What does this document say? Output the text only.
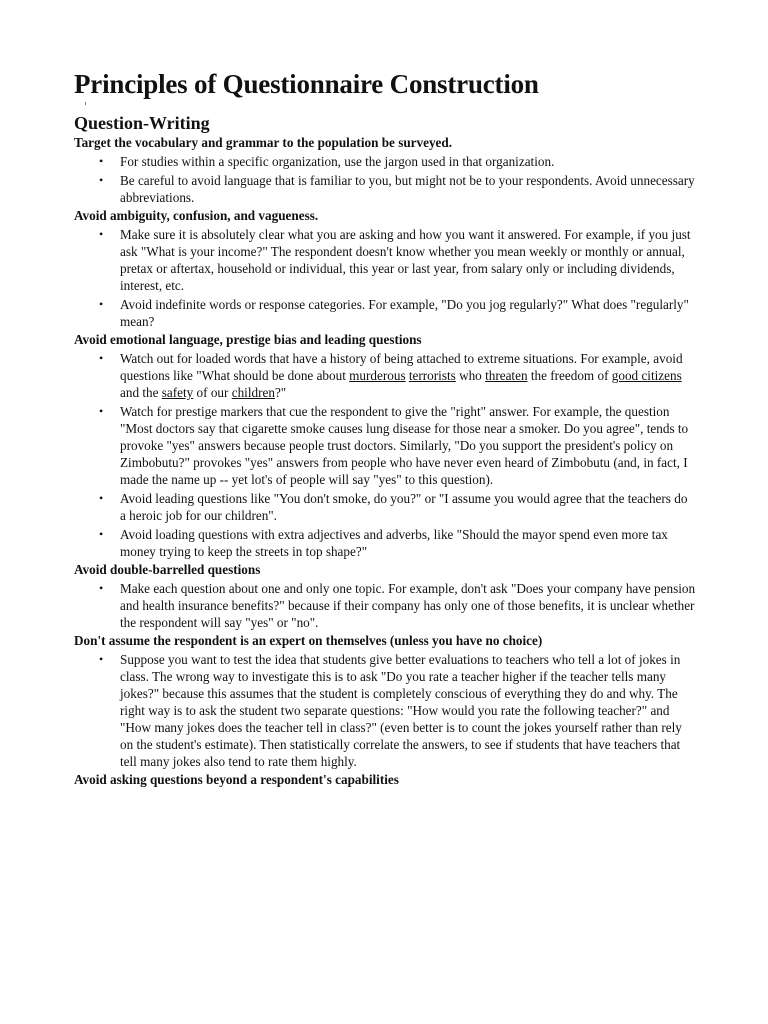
Principles of Questionnaire Construction
Question-Writing

Target the vocabulary and grammar to the population be surveyed.

• For studies within a specific organization, use the jargon used in that organization.
• Be careful to avoid language that is familiar to you, but might not be to your respondents. Avoid unnecessary abbreviations.

Avoid ambiguity, confusion, and vagueness.

• Make sure it is absolutely clear what you are asking and how you want it answered. For example, if you just ask "What is your income?" The respondent doesn't know whether you mean weekly or monthly or annual, pretax or aftertax, household or individual, this year or last year, from salary only or including dividends, interest, etc.
• Avoid indefinite words or response categories. For example, "Do you jog regularly?" What does "regularly" mean?

Avoid emotional language, prestige bias and leading questions

• Watch out for loaded words that have a history of being attached to extreme situations. For example, avoid questions like "What should be done about murderous terrorists who threaten the freedom of good citizens and the safety of our children?"
• Watch for prestige markers that cue the respondent to give the "right" answer. For example, the question "Most doctors say that cigarette smoke causes lung disease for those near a smoker. Do you agree", tends to provoke "yes" answers because people trust doctors. Similarly, "Do you support the president's policy on Zimbobutu?" provokes "yes" answers from people who have never even heard of Zimbobutu (and, in fact, I made the name up -- yet lot's of people will say "yes" to this question).
• Avoid leading questions like "You don't smoke, do you?" or "I assume you would agree that the teachers do a heroic job for our children".
• Avoid loading questions with extra adjectives and adverbs, like "Should the mayor spend even more tax money trying to keep the streets in top shape?"

Avoid double-barrelled questions

• Make each question about one and only one topic. For example, don't ask "Does your company have pension and health insurance benefits?" because if their company has only one of those benefits, it is unclear whether the respondent will say "yes" or "no".

Don't assume the respondent is an expert on themselves (unless you have no choice)

• Suppose you want to test the idea that students give better evaluations to teachers who tell a lot of jokes in class. The wrong way to investigate this is to ask "Do you rate a teacher higher if the teacher tells many jokes?" because this assumes that the student is completely conscious of everything they do and why. The right way is to ask the student two separate questions: "How would you rate the following teacher?" and "How many jokes does the teacher tell in class?" (even better is to count the jokes yourself rather than rely on the student's estimate). Then statistically correlate the answers, to see if students that have teachers that tell many jokes also tend to rate them highly.

Avoid asking questions beyond a respondent's capabilities
